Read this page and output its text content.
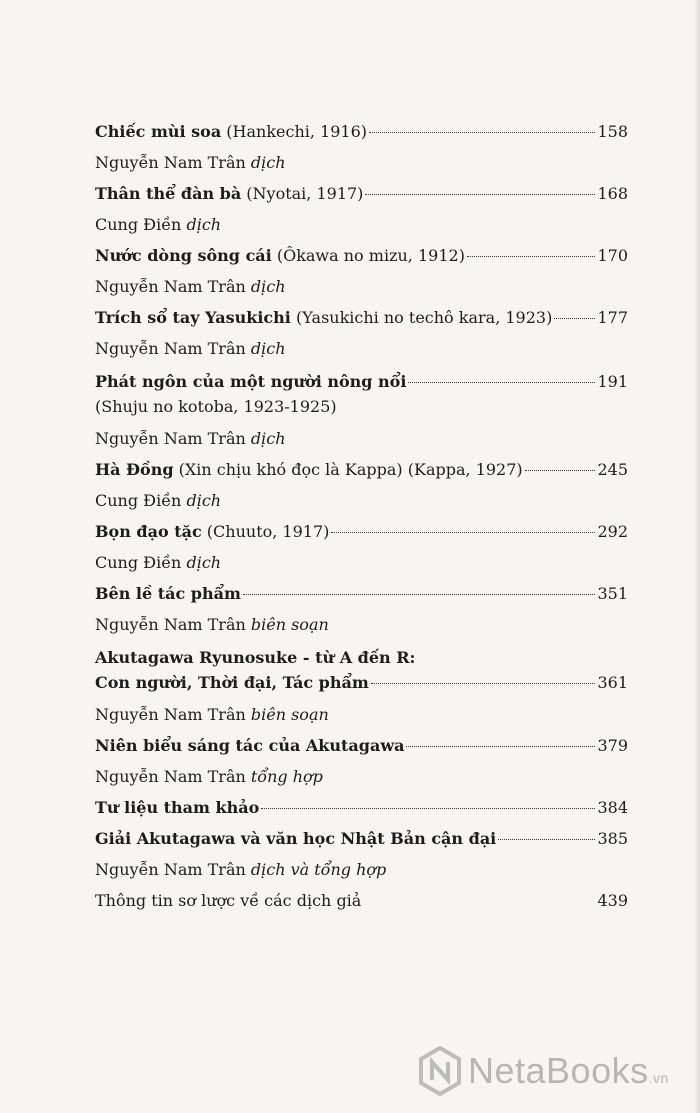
Chiếc mùi soa (Hankechi, 1916)	158
Nguyễn Nam Trân dịch
Thân thể đàn bà (Nyotai, 1917)	168
Cung Điền dịch
Nước dòng sông cái (Ôkawa no mizu, 1912)	170
Nguyễn Nam Trân dịch
Trích sổ tay Yasukichi (Yasukichi no techô kara, 1923)	177
Nguyễn Nam Trân dịch
Phát ngôn của một người nông nổi	191
(Shuju no kotoba, 1923-1925)
Nguyễn Nam Trân dịch
Hà Đồng (Xin chịu khó đọc là Kappa) (Kappa, 1927)	245
Cung Điền dịch
Bọn đạo tặc (Chuuto, 1917)	292
Cung Điền dịch
Bên lề tác phẩm	351
Nguyễn Nam Trân biên soạn
Akutagawa Ryunosuke - từ A đến R:
Con người, Thời đại, Tác phẩm	361
Nguyễn Nam Trân biên soạn
Niên biểu sáng tác của Akutagawa	379
Nguyễn Nam Trân tổng hợp
Tư liệu tham khảo	384
Giải Akutagawa và văn học Nhật Bản cận đại	385
Nguyễn Nam Trân dịch và tổng hợp
Thông tin sơ lược về các dịch giả	439
NetaBooks.vn
